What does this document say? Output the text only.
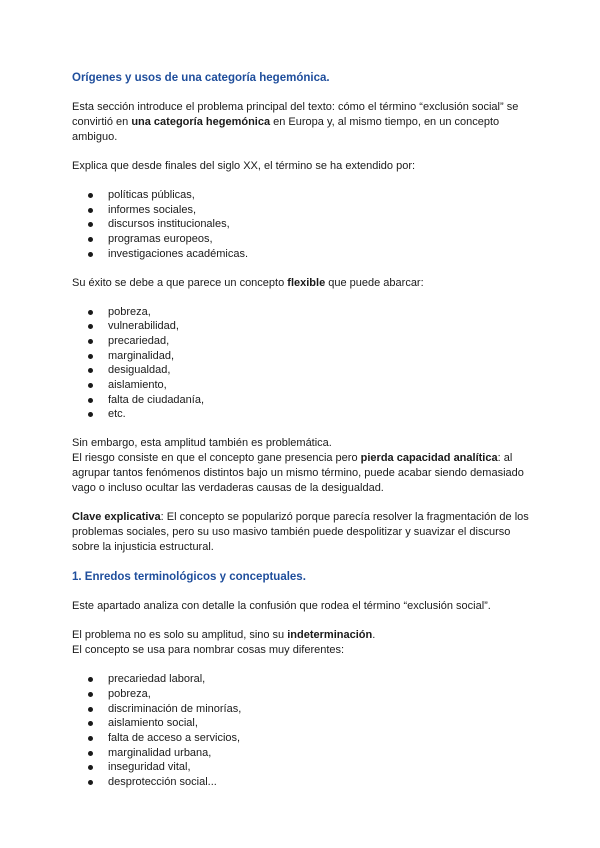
Orígenes y usos de una categoría hegemónica.

Esta sección introduce el problema principal del texto: cómo el término “exclusión social” se convirtió en una categoría hegemónica en Europa y, al mismo tiempo, en un concepto ambiguo.

Explica que desde finales del siglo XX, el término se ha extendido por:

políticas públicas,
informes sociales,
discursos institucionales,
programas europeos,
investigaciones académicas.

Su éxito se debe a que parece un concepto flexible que puede abarcar:

pobreza,
vulnerabilidad,
precariedad,
marginalidad,
desigualdad,
aislamiento,
falta de ciudadanía,
etc.

Sin embargo, esta amplitud también es problemática.

El riesgo consiste en que el concepto gane presencia pero pierda capacidad analítica: al agrupar tantos fenómenos distintos bajo un mismo término, puede acabar siendo demasiado vago o incluso ocultar las verdaderas causas de la desigualdad.

Clave explicativa: El concepto se popularizó porque parecía resolver la fragmentación de los problemas sociales, pero su uso masivo también puede despolitizar y suavizar el discurso sobre la injusticia estructural.

1. Enredos terminológicos y conceptuales.

Este apartado analiza con detalle la confusión que rodea el término “exclusión social”.

El problema no es solo su amplitud, sino su indeterminación.

El concepto se usa para nombrar cosas muy diferentes:

precariedad laboral,
pobreza,
discriminación de minorías,
aislamiento social,
falta de acceso a servicios,
marginalidad urbana,
inseguridad vital,
desprotección social...
